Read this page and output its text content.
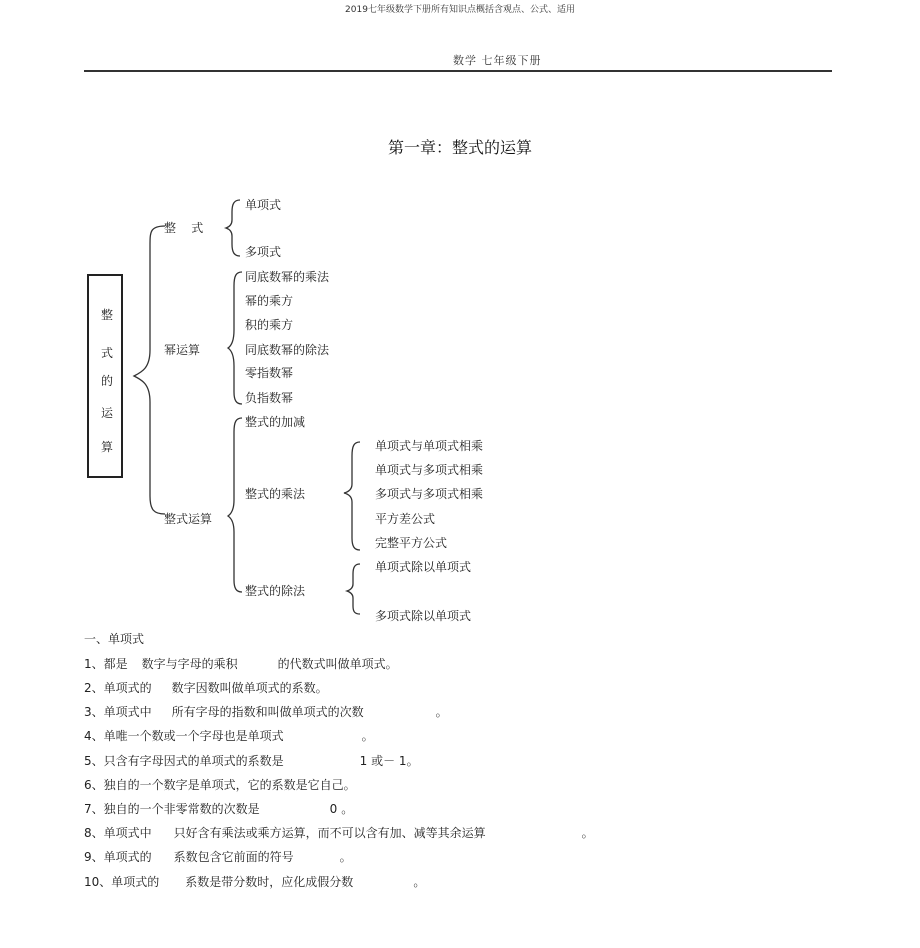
2019七年级数学下册所有知识点概括含观点、公式、适用
数学 七年级下册
第一章：整式的运算
整
式
的
运
算
整    式
幂运算
整式运算
单项式
多项式
同底数幂的乘法
幂的乘方
积的乘方
同底数幂的除法
零指数幂
负指数幂
整式的加减
整式的乘法
整式的除法
单项式与单项式相乘
单项式与多项式相乘
多项式与多项式相乘
平方差公式
完整平方公式
单项式除以单项式
多项式除以单项式
一、单项式
1、都是 数字与字母的乘积	的代数式叫做单项式。
2、单项式的 数字因数叫做单项式的系数。
3、单项式中 所有字母的指数和叫做单项式的次数	。
4、单唯一个数或一个字母也是单项式	。
5、只含有字母因式的单项式的系数是	1 或－ 1。
6、独自的一个数字是单项式，它的系数是它自己。
7、独自的一个非零常数的次数是	0 。
8、单项式中 只好含有乘法或乘方运算，而不可以含有加、减等其余运算	。
9、单项式的 系数包含它前面的符号	。
10、单项式的 系数是带分数时，应化成假分数	。
